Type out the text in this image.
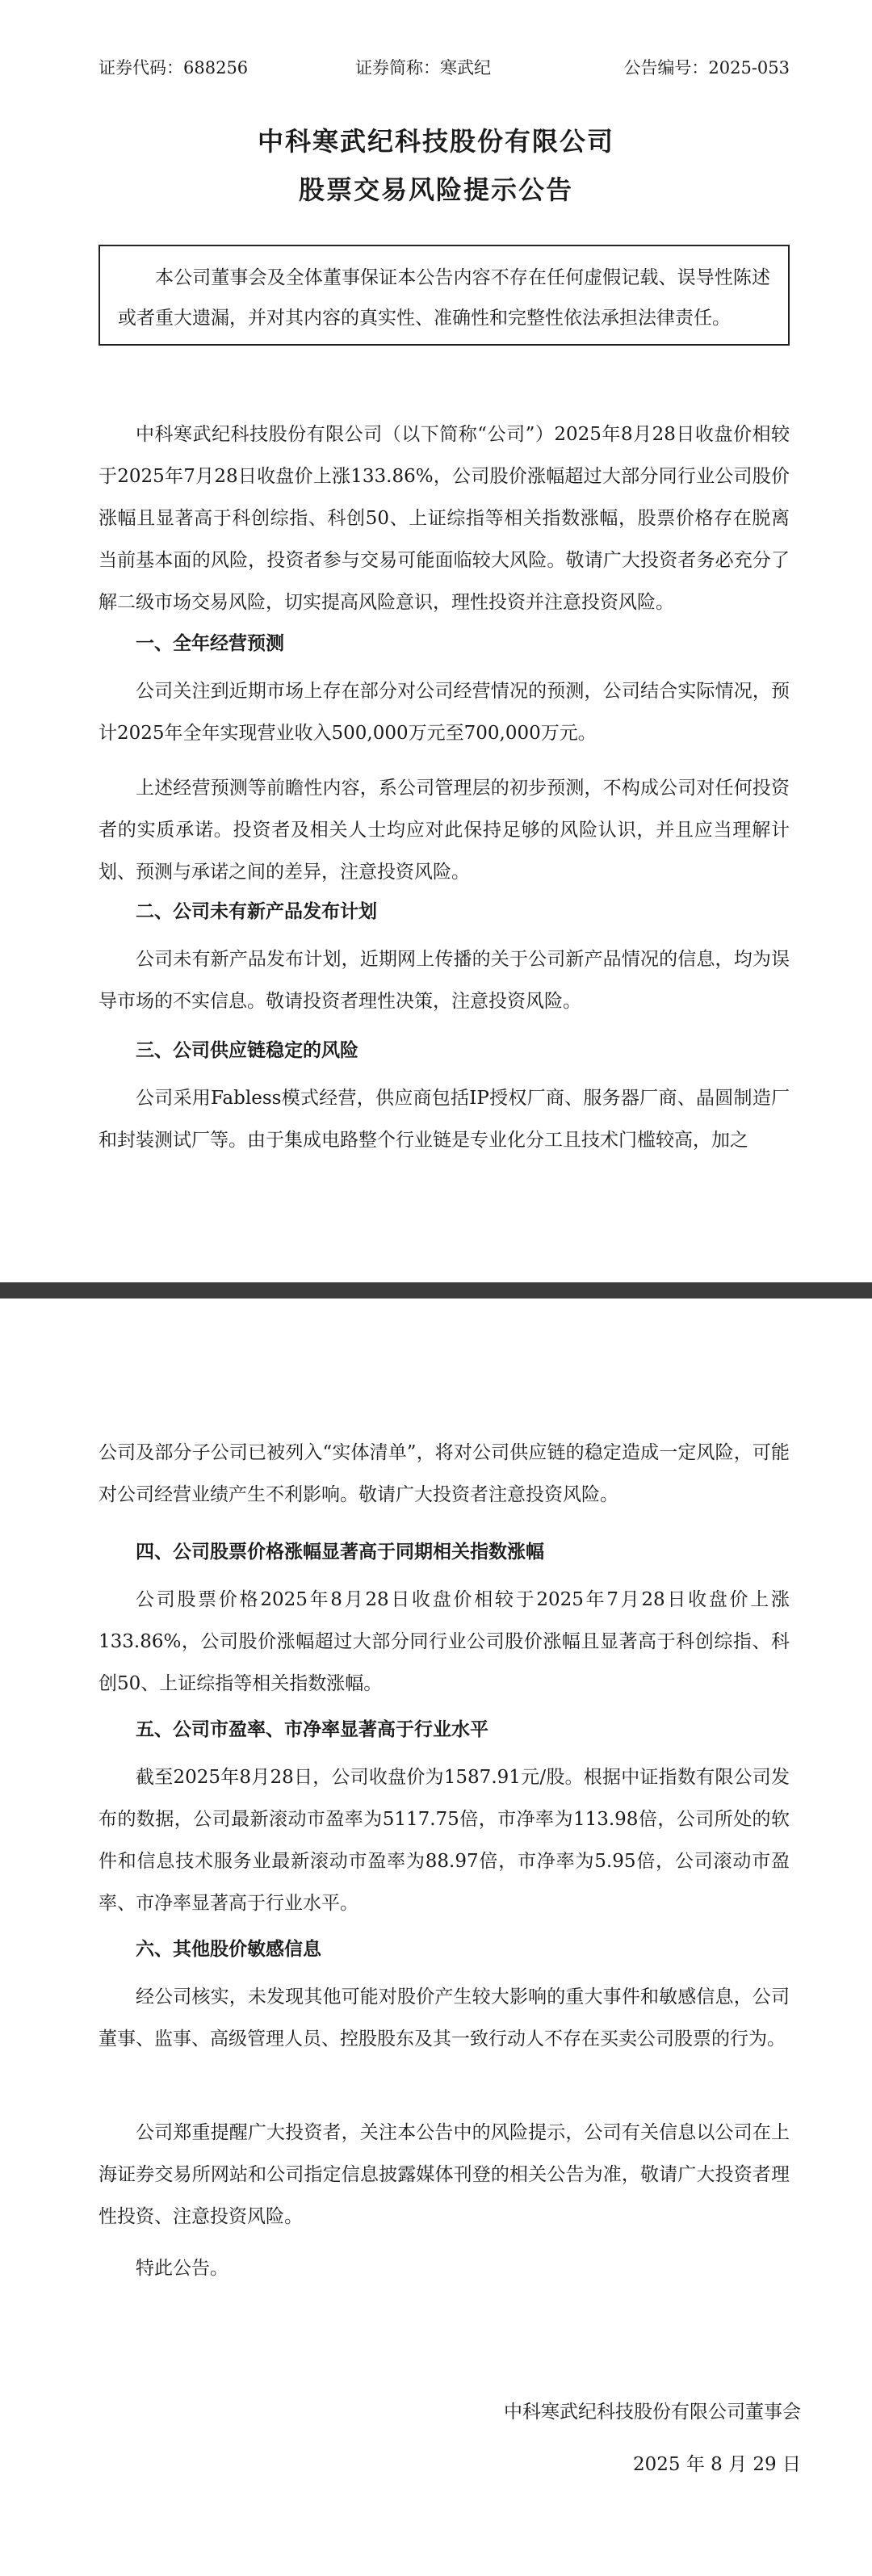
证券代码：688256	证券简称：寒武纪	公告编号：2025-053
中科寒武纪科技股份有限公司
股票交易风险提示公告
本公司董事会及全体董事保证本公告内容不存在任何虚假记载、误导性陈述或者重大遗漏，并对其内容的真实性、准确性和完整性依法承担法律责任。

中科寒武纪科技股份有限公司（以下简称“公司”）2025年8月28日收盘价相较于2025年7月28日收盘价上涨133.86%，公司股价涨幅超过大部分同行业公司股价涨幅且显著高于科创综指、科创50、上证综指等相关指数涨幅，股票价格存在脱离当前基本面的风险，投资者参与交易可能面临较大风险。敬请广大投资者务必充分了解二级市场交易风险，切实提高风险意识，理性投资并注意投资风险。

一、全年经营预测

公司关注到近期市场上存在部分对公司经营情况的预测，公司结合实际情况，预计2025年全年实现营业收入500,000万元至700,000万元。

上述经营预测等前瞻性内容，系公司管理层的初步预测，不构成公司对任何投资者的实质承诺。投资者及相关人士均应对此保持足够的风险认识，并且应当理解计划、预测与承诺之间的差异，注意投资风险。

二、公司未有新产品发布计划

公司未有新产品发布计划，近期网上传播的关于公司新产品情况的信息，均为误导市场的不实信息。敬请投资者理性决策，注意投资风险。

三、公司供应链稳定的风险

公司采用Fabless模式经营，供应商包括IP授权厂商、服务器厂商、晶圆制造厂和封装测试厂等。由于集成电路整个行业链是专业化分工且技术门槛较高，加之

公司及部分子公司已被列入“实体清单”，将对公司供应链的稳定造成一定风险，可能对公司经营业绩产生不利影响。敬请广大投资者注意投资风险。

四、公司股票价格涨幅显著高于同期相关指数涨幅

公司股票价格2025年8月28日收盘价相较于2025年7月28日收盘价上涨133.86%，公司股价涨幅超过大部分同行业公司股价涨幅且显著高于科创综指、科创50、上证综指等相关指数涨幅。

五、公司市盈率、市净率显著高于行业水平

截至2025年8月28日，公司收盘价为1587.91元/股。根据中证指数有限公司发布的数据，公司最新滚动市盈率为5117.75倍，市净率为113.98倍，公司所处的软件和信息技术服务业最新滚动市盈率为88.97倍，市净率为5.95倍，公司滚动市盈率、市净率显著高于行业水平。

六、其他股价敏感信息

经公司核实，未发现其他可能对股价产生较大影响的重大事件和敏感信息，公司董事、监事、高级管理人员、控股股东及其一致行动人不存在买卖公司股票的行为。

公司郑重提醒广大投资者，关注本公告中的风险提示，公司有关信息以公司在上海证券交易所网站和公司指定信息披露媒体刊登的相关公告为准，敬请广大投资者理性投资、注意投资风险。

特此公告。

中科寒武纪科技股份有限公司董事会
2025 年 8 月 29 日
